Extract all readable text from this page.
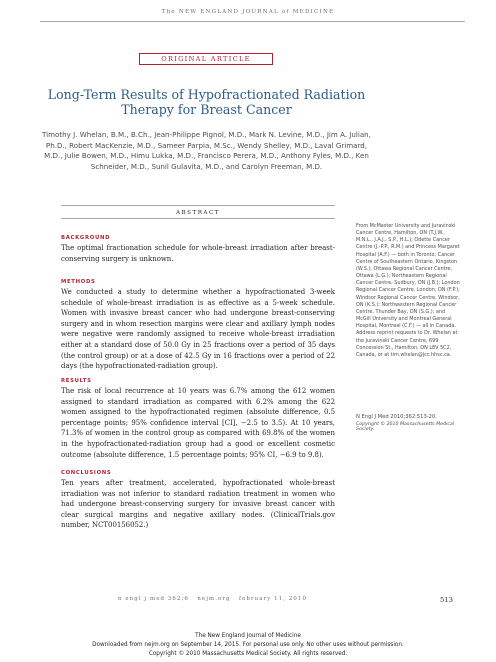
The NEW ENGLAND JOURNAL of MEDICINE
ORIGINAL ARTICLE
Long-Term Results of Hypofractionated Radiation Therapy for Breast Cancer
Timothy J. Whelan, B.M., B.Ch., Jean-Philippe Pignol, M.D., Mark N. Levine, M.D., Jim A. Julian, Ph.D., Robert MacKenzie, M.D., Sameer Parpia, M.Sc., Wendy Shelley, M.D., Laval Grimard, M.D., Julie Bowen, M.D., Himu Lukka, M.D., Francisco Perera, M.D., Anthony Fyles, M.D., Ken Schneider, M.D., Sunil Gulavita, M.D., and Carolyn Freeman, M.D.
ABSTRACT
BACKGROUND
The optimal fractionation schedule for whole-breast irradiation after breast-conserving surgery is unknown.
METHODS
We conducted a study to determine whether a hypofractionated 3-week schedule of whole-breast irradiation is as effective as a 5-week schedule. Women with invasive breast cancer who had undergone breast-conserving surgery and in whom resection margins were clear and axillary lymph nodes were negative were randomly assigned to receive whole-breast irradiation either at a standard dose of 50.0 Gy in 25 fractions over a period of 35 days (the control group) or at a dose of 42.5 Gy in 16 fractions over a period of 22 days (the hypofractionated-radiation group).
RESULTS
The risk of local recurrence at 10 years was 6.7% among the 612 women assigned to standard irradiation as compared with 6.2% among the 622 women assigned to the hypofractionated regimen (absolute difference, 0.5 percentage points; 95% confidence interval [CI], −2.5 to 3.5). At 10 years, 71.3% of women in the control group as compared with 69.8% of the women in the hypofractionated-radiation group had a good or excellent cosmetic outcome (absolute difference, 1.5 percentage points; 95% CI, −6.9 to 9.8).
CONCLUSIONS
Ten years after treatment, accelerated, hypofractionated whole-breast irradiation was not inferior to standard radiation treatment in women who had undergone breast-conserving surgery for invasive breast cancer with clear surgical margins and negative axillary nodes. (ClinicalTrials.gov number, NCT00156052.)
From McMaster University and Juravinski Cancer Centre, Hamilton, ON (T.J.W., M.N.L., J.A.J., S.P., H.L.); Odette Cancer Centre (J.-P.P., R.M.) and Princess Margaret Hospital (A.F.) — both in Toronto; Cancer Centre of Southeastern Ontario, Kingston (W.S.); Ottawa Regional Cancer Centre, Ottawa (L.G.); Northeastern Regional Cancer Centre, Sudbury, ON (J.B.); London Regional Cancer Centre, London, ON (F.P.); Windsor Regional Cancer Centre, Windsor, ON (K.S.); Northwestern Regional Cancer Centre, Thunder Bay, ON (S.G.); and McGill University and Montreal General Hospital, Montreal (C.F.) — all in Canada. Address reprint requests to Dr. Whelan at the Juravinski Cancer Centre, 699 Concession St., Hamilton, ON L8V 5C2, Canada, or at tim.whelan@jcc.hhsc.ca.
N Engl J Med 2010;362:513-20.
Copyright © 2010 Massachusetts Medical Society.
n engl j med 362;6   nejm.org   february 11, 2010	513
The New England Journal of Medicine
Downloaded from nejm.org on September 14, 2015. For personal use only. No other uses without permission.
Copyright © 2010 Massachusetts Medical Society. All rights reserved.
